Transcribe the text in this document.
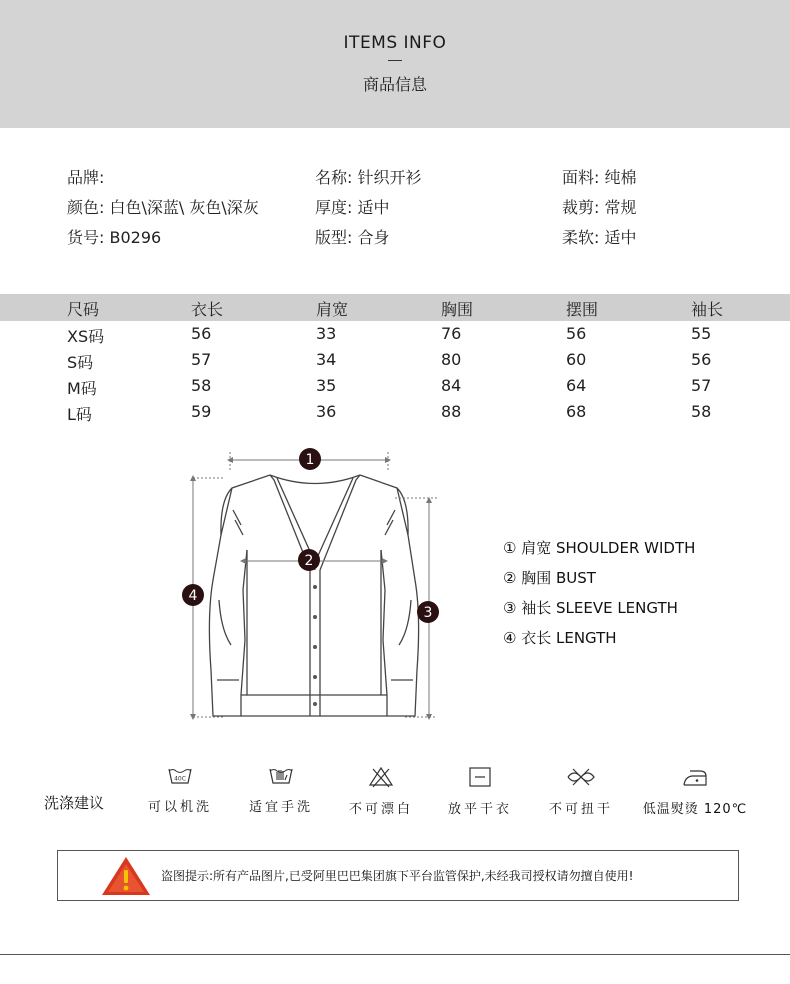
ITEMS INFO
商品信息
品牌:	名称: 针织开衫	面料: 纯棉
颜色: 白色\深蓝\ 灰色\深灰	厚度: 适中	裁剪: 常规
货号: B0296	版型: 合身	柔软: 适中
尺码	衣长	肩宽	胸围	摆围	袖长
XS码	56	33	76	56	55
S码	57	34	80	60	56
M码	58	35	84	64	57
L码	59	36	88	68	58
1
2
3
4
① 肩宽 SHOULDER WIDTH
② 胸围 BUST
③ 袖长 SLEEVE LENGTH
④ 衣长 LENGTH
洗涤建议
40C
可以机洗	适宜手洗	不可漂白	放平干衣	不可扭干	低温熨烫 120℃
盗图提示:所有产品图片,已受阿里巴巴集团旗下平台监管保护,未经我司授权请勿擅自使用!
